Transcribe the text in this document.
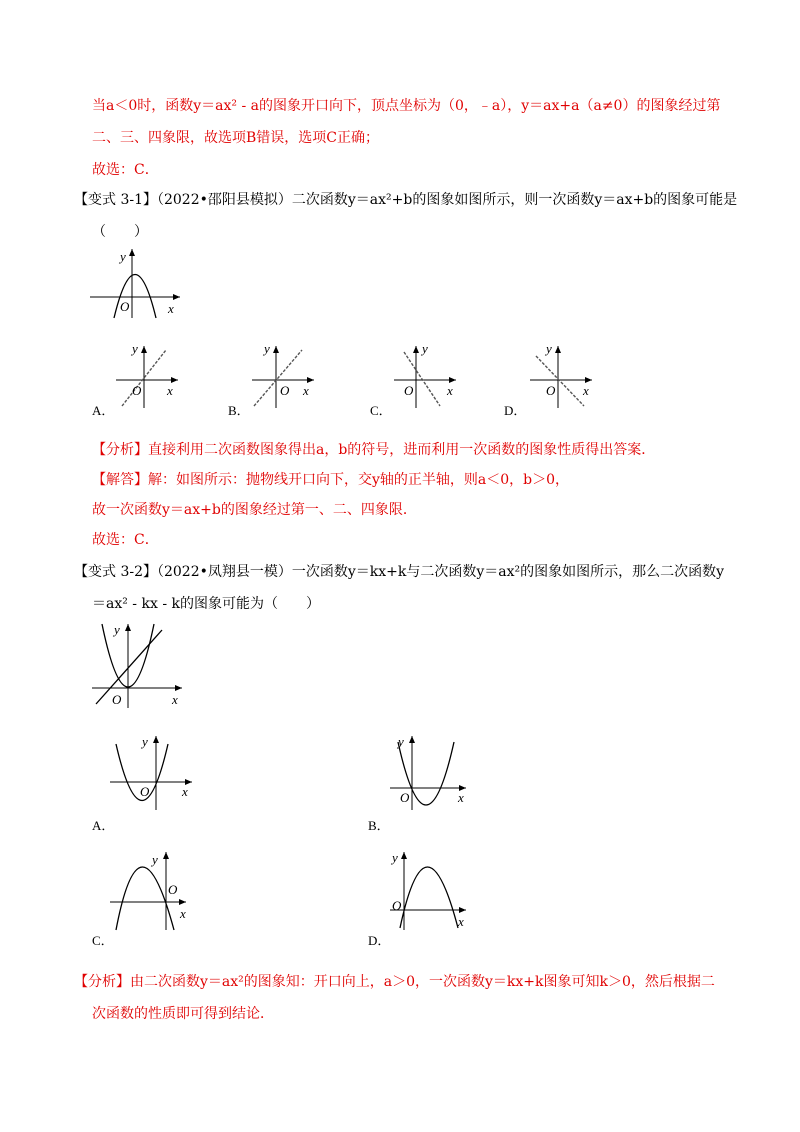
当a＜0时，函数y＝ax² - a的图象开口向下，顶点坐标为（0，﹣a），y＝ax+a（a≠0）的图象经过第
二、三、四象限，故选项B错误，选项C正确；
故选：C．
【变式 3-1】（2022•邵阳县模拟）二次函数y＝ax²+b的图象如图所示，则一次函数y＝ax+b的图象可能是
（　　）
y
O	x
y
O x
y
O x
y
O	x
y
O x
A．	B．	C．	D．
【分析】直接利用二次函数图象得出a，b的符号，进而利用一次函数的图象性质得出答案．
【解答】解：如图所示：抛物线开口向下，交y轴的正半轴，则a＜0，b＞0，
故一次函数y＝ax+b的图象经过第一、二、四象限．
故选：C．
【变式 3-2】（2022•凤翔县一模）一次函数y＝kx+k与二次函数y＝ax²的图象如图所示，那么二次函数y
＝ax² - kx - k的图象可能为（　　）
y
O	x
y
O	x
y
O	x
y
O
x
y
O
x
A．	B．
C．	D．
【分析】由二次函数y＝ax²的图象知：开口向上，a＞0，一次函数y＝kx+k图象可知k＞0，然后根据二
次函数的性质即可得到结论．
